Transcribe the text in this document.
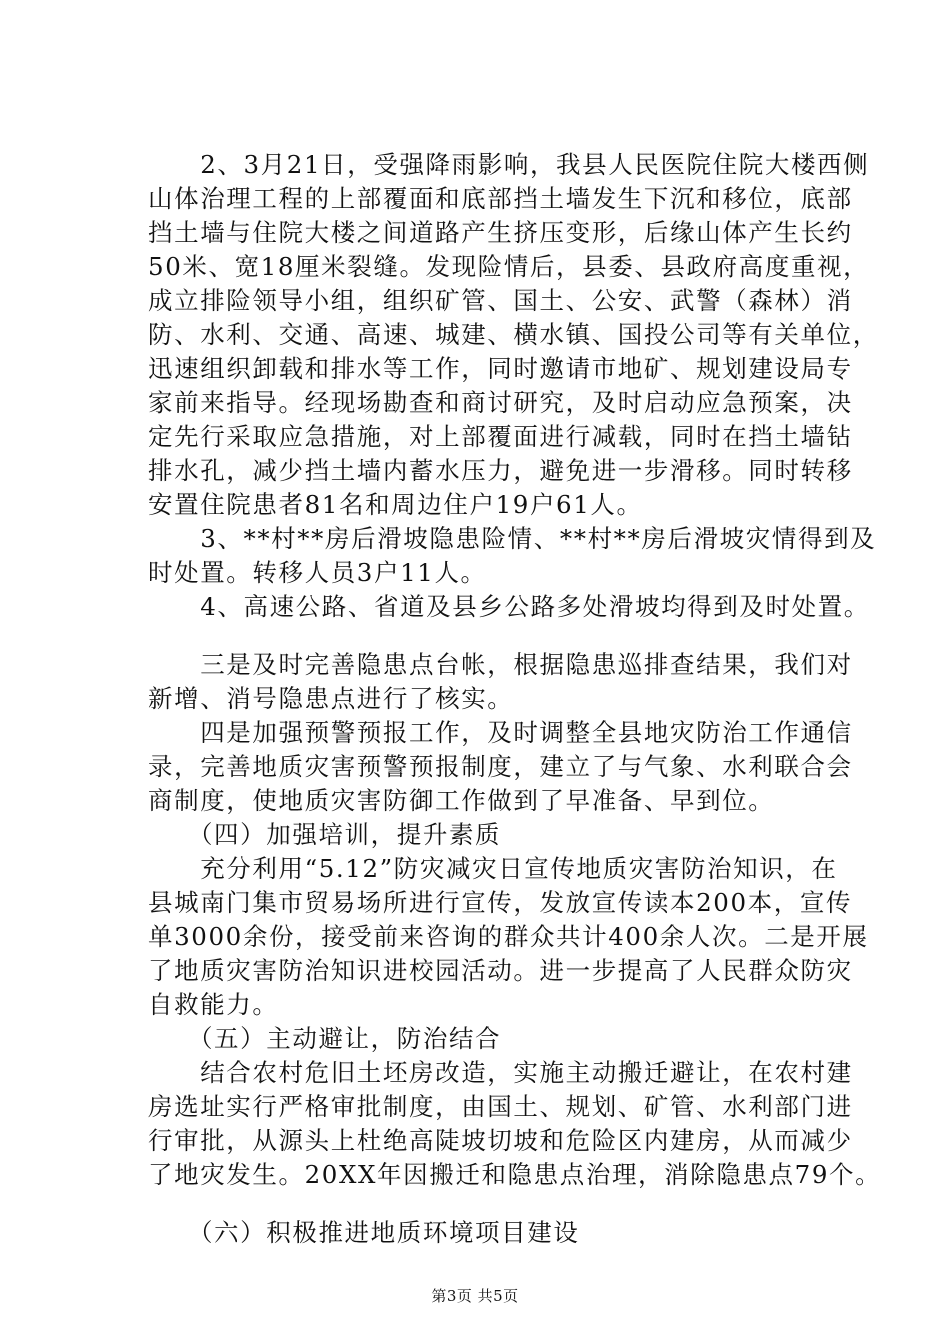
　　2、3月21日，受强降雨影响，我县人民医院住院大楼西侧
山体治理工程的上部覆面和底部挡土墙发生下沉和移位，底部
挡土墙与住院大楼之间道路产生挤压变形，后缘山体产生长约
50米、宽18厘米裂缝。发现险情后，县委、县政府高度重视，
成立排险领导小组，组织矿管、国土、公安、武警（森林）消
防、水利、交通、高速、城建、横水镇、国投公司等有关单位，
迅速组织卸载和排水等工作，同时邀请市地矿、规划建设局专
家前来指导。经现场勘查和商讨研究，及时启动应急预案，决
定先行采取应急措施，对上部覆面进行减载，同时在挡土墙钻
排水孔，减少挡土墙内蓄水压力，避免进一步滑移。同时转移
安置住院患者81名和周边住户19户61人。
　　3、**村**房后滑坡隐患险情、**村**房后滑坡灾情得到及
时处置。转移人员3户11人。
　　4、高速公路、省道及县乡公路多处滑坡均得到及时处置。
　　三是及时完善隐患点台帐，根据隐患巡排查结果，我们对
新增、消号隐患点进行了核实。
　　四是加强预警预报工作，及时调整全县地灾防治工作通信
录，完善地质灾害预警预报制度，建立了与气象、水利联合会
商制度，使地质灾害防御工作做到了早准备、早到位。
　　（四）加强培训，提升素质
　　充分利用“5.12”防灾减灾日宣传地质灾害防治知识，在
县城南门集市贸易场所进行宣传，发放宣传读本200本，宣传
单3000余份，接受前来咨询的群众共计400余人次。二是开展
了地质灾害防治知识进校园活动。进一步提高了人民群众防灾
自救能力。
　　（五）主动避让，防治结合
　　结合农村危旧土坯房改造，实施主动搬迁避让，在农村建
房选址实行严格审批制度，由国土、规划、矿管、水利部门进
行审批，从源头上杜绝高陡坡切坡和危险区内建房，从而减少
了地灾发生。20XX年因搬迁和隐患点治理，消除隐患点79个。
　　（六）积极推进地质环境项目建设
第3页 共5页
